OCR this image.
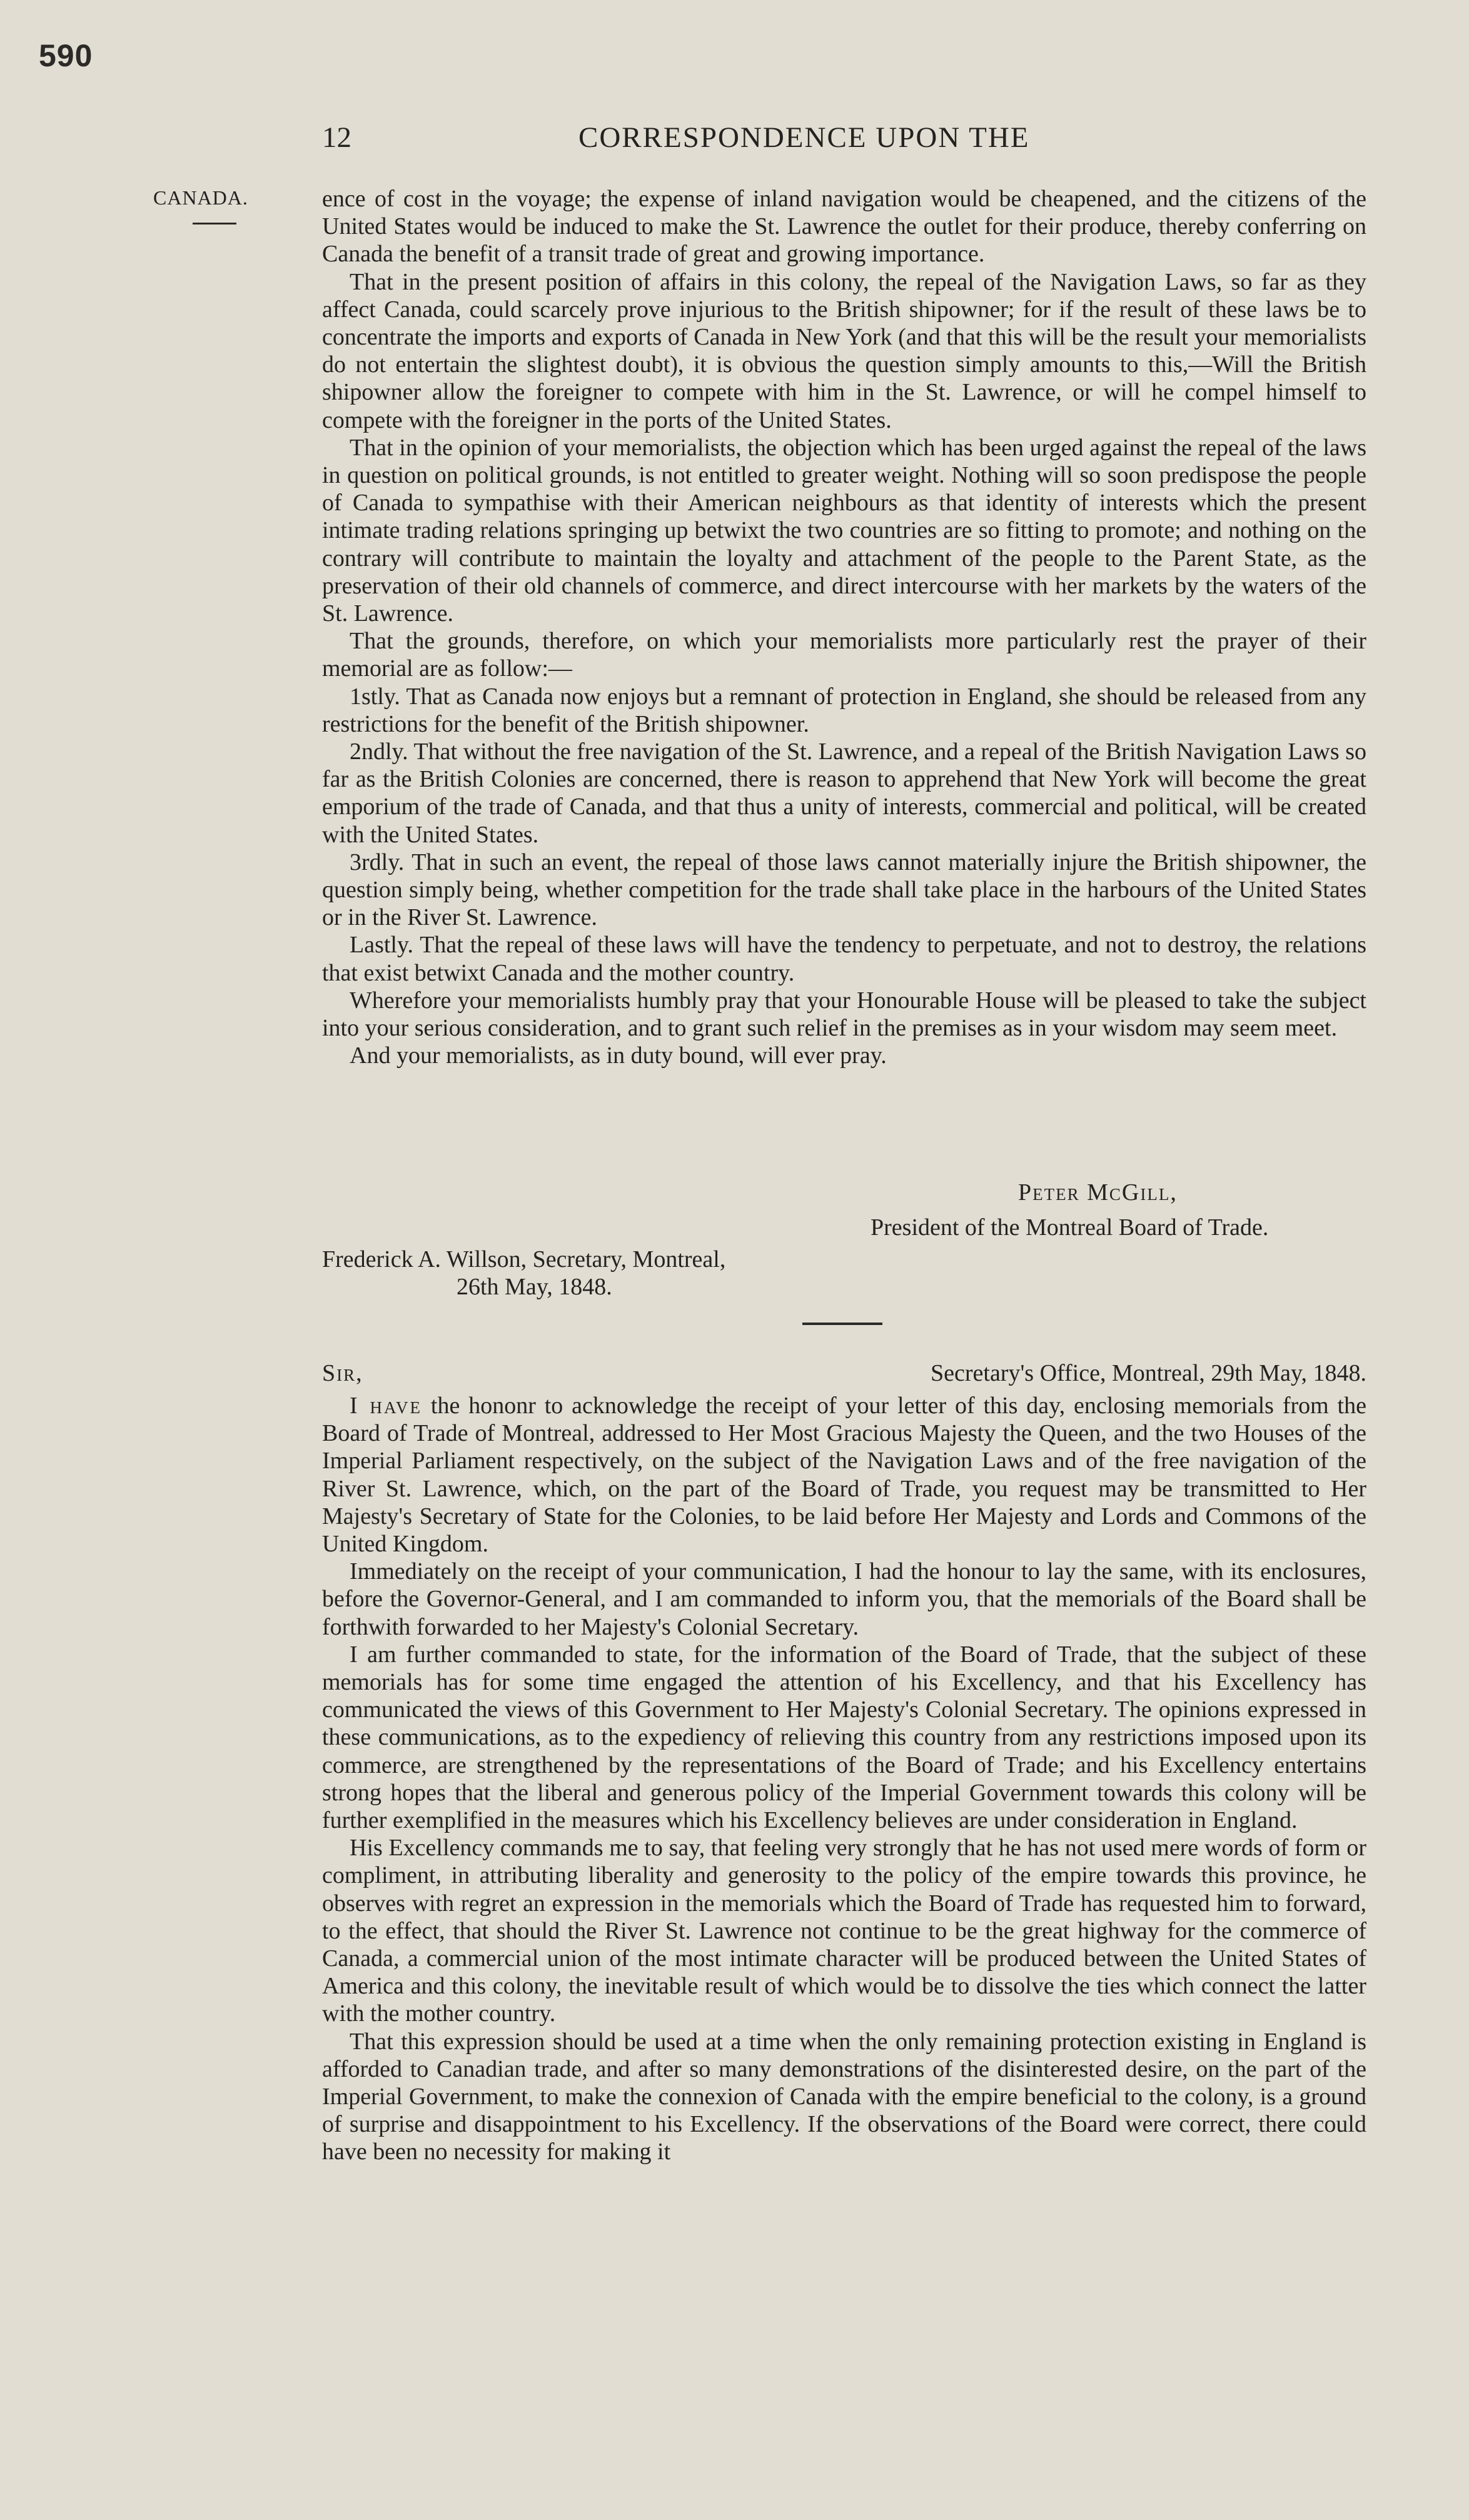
590
12	CORRESPONDENCE UPON THE
CANADA.	ence of cost in the voyage; the expense of inland navigation would be cheapened, and the citizens of the United States would be induced to make the St. Lawrence the outlet for their produce, thereby conferring on Canada the benefit of a transit trade of great and growing importance.

That in the present position of affairs in this colony, the repeal of the Navigation Laws, so far as they affect Canada, could scarcely prove injurious to the British shipowner; for if the result of these laws be to concentrate the imports and exports of Canada in New York (and that this will be the result your memorialists do not entertain the slightest doubt), it is obvious the question simply amounts to this,—Will the British shipowner allow the foreigner to compete with him in the St. Lawrence, or will he compel himself to compete with the foreigner in the ports of the United States.

That in the opinion of your memorialists, the objection which has been urged against the repeal of the laws in question on political grounds, is not entitled to greater weight. Nothing will so soon predispose the people of Canada to sympathise with their American neighbours as that identity of interests which the present intimate trading relations springing up betwixt the two countries are so fitting to promote; and nothing on the contrary will contribute to maintain the loyalty and attachment of the people to the Parent State, as the preservation of their old channels of commerce, and direct intercourse with her markets by the waters of the St. Lawrence.

That the grounds, therefore, on which your memorialists more particularly rest the prayer of their memorial are as follow:—

1stly. That as Canada now enjoys but a remnant of protection in England, she should be released from any restrictions for the benefit of the British shipowner.

2ndly. That without the free navigation of the St. Lawrence, and a repeal of the British Navigation Laws so far as the British Colonies are concerned, there is reason to apprehend that New York will become the great emporium of the trade of Canada, and that thus a unity of interests, commercial and political, will be created with the United States.

3rdly. That in such an event, the repeal of those laws cannot materially injure the British shipowner, the question simply being, whether competition for the trade shall take place in the harbours of the United States or in the River St. Lawrence.

Lastly. That the repeal of these laws will have the tendency to perpetuate, and not to destroy, the relations that exist betwixt Canada and the mother country.

Wherefore your memorialists humbly pray that your Honourable House will be pleased to take the subject into your serious consideration, and to grant such relief in the premises as in your wisdom may seem meet.

And your memorialists, as in duty bound, will ever pray.

Peter McGill,
President of the Montreal Board of Trade.
Frederick A. Willson, Secretary, Montreal,
26th May, 1848.
Sir,	Secretary's Office, Montreal, 29th May, 1848.

I have the hononr to acknowledge the receipt of your letter of this day, enclosing memorials from the Board of Trade of Montreal, addressed to Her Most Gracious Majesty the Queen, and the two Houses of the Imperial Parliament respectively, on the subject of the Navigation Laws and of the free navigation of the River St. Lawrence, which, on the part of the Board of Trade, you request may be transmitted to Her Majesty's Secretary of State for the Colonies, to be laid before Her Majesty and Lords and Commons of the United Kingdom.

Immediately on the receipt of your communication, I had the honour to lay the same, with its enclosures, before the Governor-General, and I am commanded to inform you, that the memorials of the Board shall be forthwith forwarded to her Majesty's Colonial Secretary.

I am further commanded to state, for the information of the Board of Trade, that the subject of these memorials has for some time engaged the attention of his Excellency, and that his Excellency has communicated the views of this Government to Her Majesty's Colonial Secretary. The opinions expressed in these communications, as to the expediency of relieving this country from any restrictions imposed upon its commerce, are strengthened by the representations of the Board of Trade; and his Excellency entertains strong hopes that the liberal and generous policy of the Imperial Government towards this colony will be further exemplified in the measures which his Excellency believes are under consideration in England.

His Excellency commands me to say, that feeling very strongly that he has not used mere words of form or compliment, in attributing liberality and generosity to the policy of the empire towards this province, he observes with regret an expression in the memorials which the Board of Trade has requested him to forward, to the effect, that should the River St. Lawrence not continue to be the great highway for the commerce of Canada, a commercial union of the most intimate character will be produced between the United States of America and this colony, the inevitable result of which would be to dissolve the ties which connect the latter with the mother country.

That this expression should be used at a time when the only remaining protection existing in England is afforded to Canadian trade, and after so many demonstrations of the disinterested desire, on the part of the Imperial Government, to make the connexion of Canada with the empire beneficial to the colony, is a ground of surprise and disappointment to his Excellency. If the observations of the Board were correct, there could have been no necessity for making it
